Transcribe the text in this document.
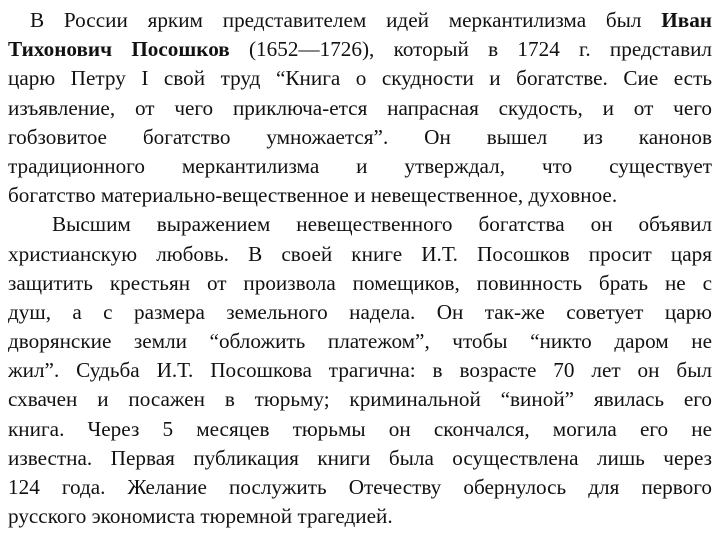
В России ярким представителем идей меркантилизма был Иван
Тихонович Посошков (1652—1726), который в 1724 г. представил
царю Петру I свой труд “Книга о скудности и богатстве. Сие есть
изъявление, от чего приключа-ется напрасная скудость, и от чего
гобзовитое богатство умножается”. Он вышел из канонов
традиционного меркантилизма и утверждал, что существует
богатство материально-вещественное и невещественное, духовное.
Высшим выражением невещественного богатства он объявил
христианскую любовь. В своей книге И.Т. Посошков просит царя
защитить крестьян от произвола помещиков, повинность брать не с
душ, а с размера земельного надела. Он так-же советует царю
дворянские земли “обложить платежом”, чтобы “никто даром не
жил”. Судьба И.Т. Посошкова трагична: в возрасте 70 лет он был
схвачен и посажен в тюрьму; криминальной “виной” явилась его
книга. Через 5 месяцев тюрьмы он скончался, могила его не
известна. Первая публикация книги была осуществлена лишь через
124 года. Желание послужить Отечеству обернулось для первого
русского экономиста тюремной трагедией.
